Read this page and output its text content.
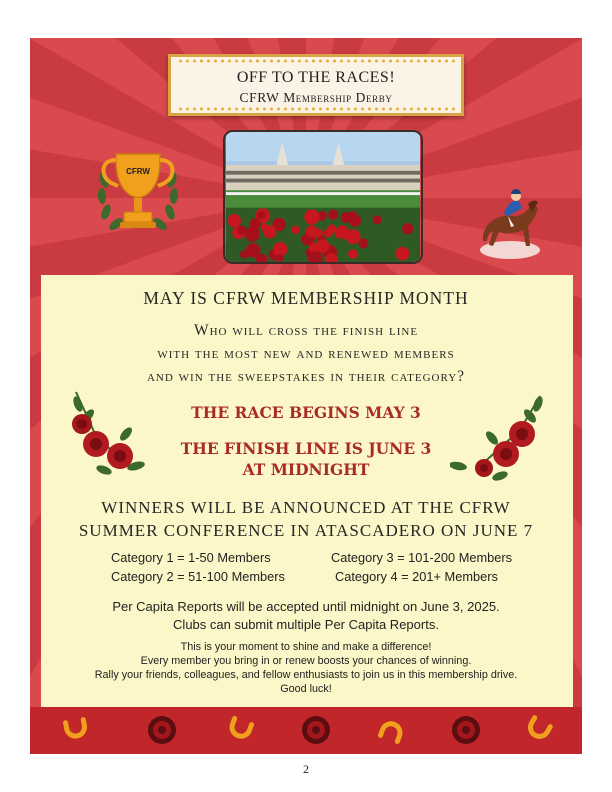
OFF TO THE RACES!
CFRW Membership Derby
CFRW

MAY IS CFRW MEMBERSHIP MONTH

Who will cross the finish line

with the most new and renewed members

and win the sweepstakes in their category?

THE RACE BEGINS MAY 3

THE FINISH LINE IS JUNE 3

AT MIDNIGHT

WINNERS WILL BE ANNOUNCED AT THE CFRW

SUMMER CONFERENCE IN ATASCADERO ON JUNE 7

Category 1 = 1-50 Members
Category 2 = 51-100 Members
Category 3 = 101-200 Members
Category 4 = 201+ Members

Per Capita Reports will be accepted until midnight on June 3, 2025.

Clubs can submit multiple Per Capita Reports.

This is your moment to shine and make a difference!

Every member you bring in or renew boosts your chances of winning.

Rally your friends, colleagues, and fellow enthusiasts to join us in this membership drive.

Good luck!

2
